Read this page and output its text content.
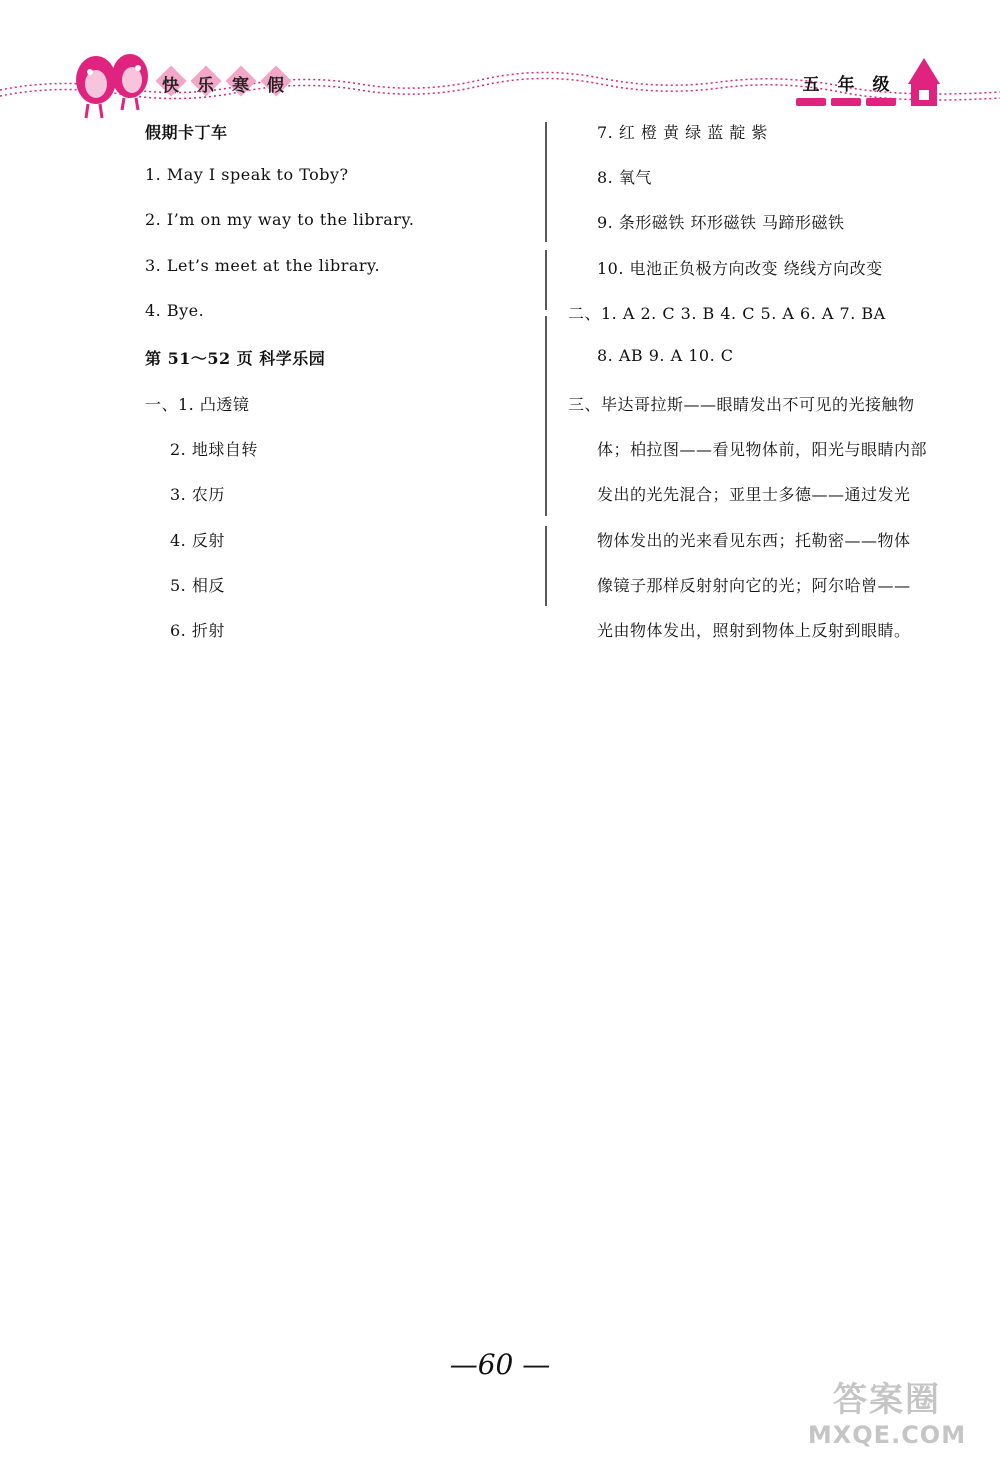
快 乐 寒 假	五 年 级
假期卡丁车
1. May I speak to Toby?
2. I’m on my way to the library.
3. Let’s meet at the library.
4. Bye.
第 51～52 页 科学乐园
一、1. 凸透镜
2. 地球自转
3. 农历
4. 反射
5. 相反
6. 折射
7. 红 橙 黄 绿 蓝 靛 紫
8. 氧气
9. 条形磁铁 环形磁铁 马蹄形磁铁
10. 电池正负极方向改变 绕线方向改变
二、1. A 2. C 3. B 4. C 5. A 6. A 7. BA
8. AB 9. A 10. C
三、毕达哥拉斯——眼睛发出不可见的光接触物
体；柏拉图——看见物体前，阳光与眼睛内部
发出的光先混合；亚里士多德——通过发光
物体发出的光来看见东西；托勒密——物体
像镜子那样反射射向它的光；阿尔哈曾——
光由物体发出，照射到物体上反射到眼睛。
—60 —
答案圈
MXQE.COM
